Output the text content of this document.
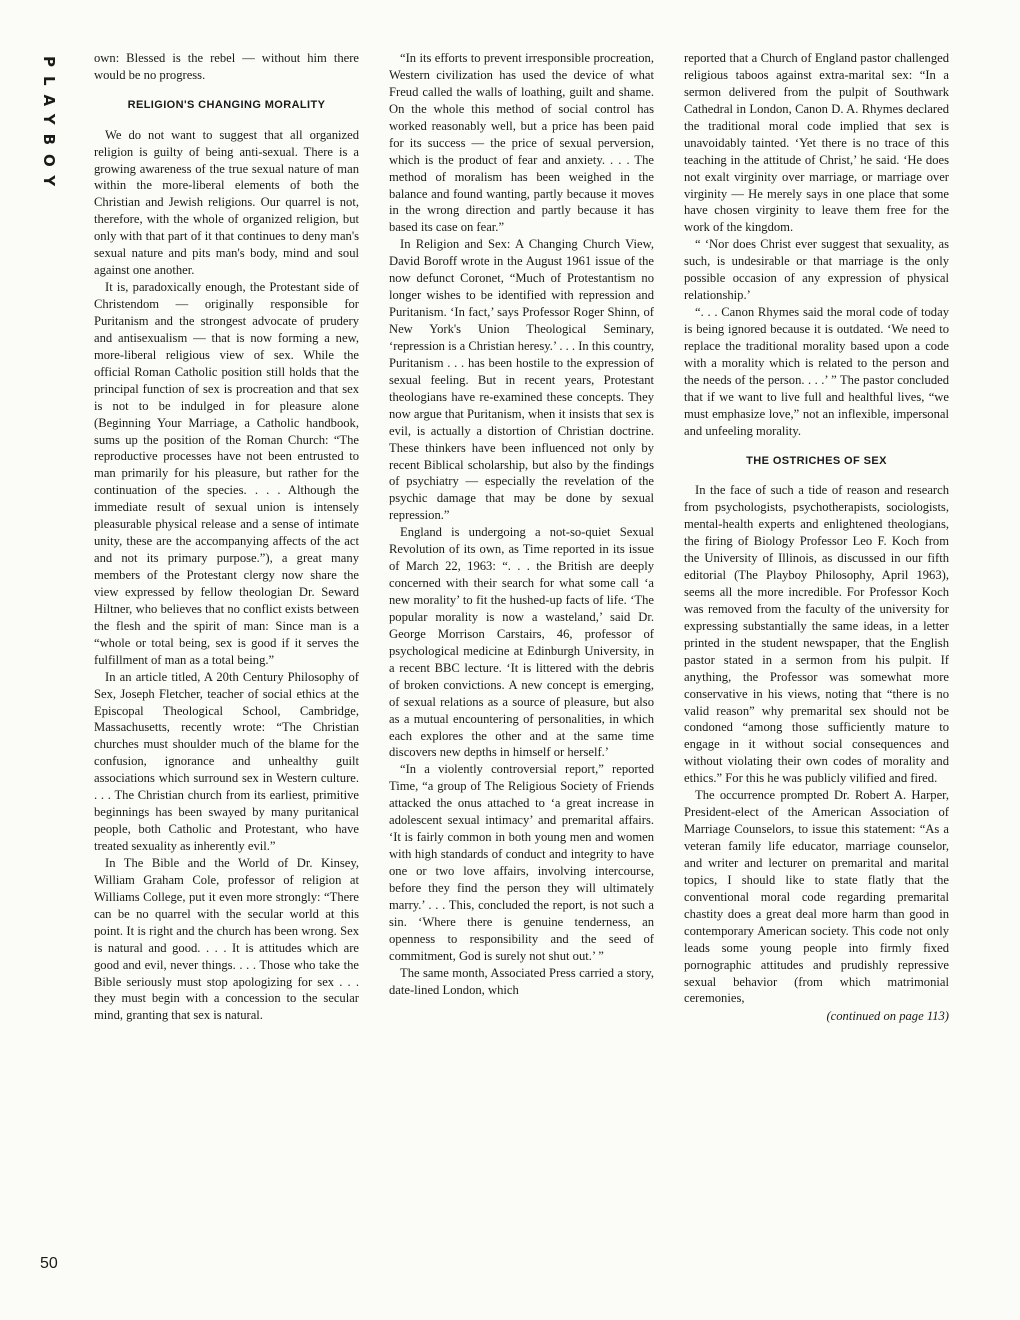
PLAYBOY
50

own: Blessed is the rebel — without him there would be no progress.

RELIGION'S CHANGING MORALITY

We do not want to suggest that all organized religion is guilty of being anti-sexual. There is a growing awareness of the true sexual nature of man within the more-liberal elements of both the Christian and Jewish religions. Our quarrel is not, therefore, with the whole of organized religion, but only with that part of it that continues to deny man's sexual nature and pits man's body, mind and soul against one another.

It is, paradoxically enough, the Protestant side of Christendom — originally responsible for Puritanism and the strongest advocate of prudery and antisexualism — that is now forming a new, more-liberal religious view of sex. While the official Roman Catholic position still holds that the principal function of sex is procreation and that sex is not to be indulged in for pleasure alone (Beginning Your Marriage, a Catholic handbook, sums up the position of the Roman Church: “The reproductive processes have not been entrusted to man primarily for his pleasure, but rather for the continuation of the species. . . . Although the immediate result of sexual union is intensely pleasurable physical release and a sense of intimate unity, these are the accompanying affects of the act and not its primary purpose.”), a great many members of the Protestant clergy now share the view expressed by fellow theologian Dr. Seward Hiltner, who believes that no conflict exists between the flesh and the spirit of man: Since man is a “whole or total being, sex is good if it serves the fulfillment of man as a total being.”

In an article titled, A 20th Century Philosophy of Sex, Joseph Fletcher, teacher of social ethics at the Episcopal Theological School, Cambridge, Massachusetts, recently wrote: “The Christian churches must shoulder much of the blame for the confusion, ignorance and unhealthy guilt associations which surround sex in Western culture. . . . The Christian church from its earliest, primitive beginnings has been swayed by many puritanical people, both Catholic and Protestant, who have treated sexuality as inherently evil.”

In The Bible and the World of Dr. Kinsey, William Graham Cole, professor of religion at Williams College, put it even more strongly: “There can be no quarrel with the secular world at this point. It is right and the church has been wrong. Sex is natural and good. . . . It is attitudes which are good and evil, never things. . . . Those who take the Bible seriously must stop apologizing for sex . . . they must begin with a concession to the secular mind, granting that sex is natural.

“In its efforts to prevent irresponsible procreation, Western civilization has used the device of what Freud called the walls of loathing, guilt and shame. On the whole this method of social control has worked reasonably well, but a price has been paid for its success — the price of sexual perversion, which is the product of fear and anxiety. . . . The method of moralism has been weighed in the balance and found wanting, partly because it moves in the wrong direction and partly because it has based its case on fear.”

In Religion and Sex: A Changing Church View, David Boroff wrote in the August 1961 issue of the now defunct Coronet, “Much of Protestantism no longer wishes to be identified with repression and Puritanism. ‘In fact,’ says Professor Roger Shinn, of New York's Union Theological Seminary, ‘repression is a Christian heresy.’ . . . In this country, Puritanism . . . has been hostile to the expression of sexual feeling. But in recent years, Protestant theologians have re-examined these concepts. They now argue that Puritanism, when it insists that sex is evil, is actually a distortion of Christian doctrine. These thinkers have been influenced not only by recent Biblical scholarship, but also by the findings of psychiatry — especially the revelation of the psychic damage that may be done by sexual repression.”

England is undergoing a not-so-quiet Sexual Revolution of its own, as Time reported in its issue of March 22, 1963: “. . . the British are deeply concerned with their search for what some call ‘a new morality’ to fit the hushed-up facts of life. ‘The popular morality is now a wasteland,’ said Dr. George Morrison Carstairs, 46, professor of psychological medicine at Edinburgh University, in a recent BBC lecture. ‘It is littered with the debris of broken convictions. A new concept is emerging, of sexual relations as a source of pleasure, but also as a mutual encountering of personalities, in which each explores the other and at the same time discovers new depths in himself or herself.’

“In a violently controversial report,” reported Time, “a group of The Religious Society of Friends attacked the onus attached to ‘a great increase in adolescent sexual intimacy’ and premarital affairs. ‘It is fairly common in both young men and women with high standards of conduct and integrity to have one or two love affairs, involving intercourse, before they find the person they will ultimately marry.’ . . . This, concluded the report, is not such a sin. ‘Where there is genuine tenderness, an openness to responsibility and the seed of commitment, God is surely not shut out.’ ”

The same month, Associated Press carried a story, date-lined London, which

reported that a Church of England pastor challenged religious taboos against extra-marital sex: “In a sermon delivered from the pulpit of Southwark Cathedral in London, Canon D. A. Rhymes declared the traditional moral code implied that sex is unavoidably tainted. ‘Yet there is no trace of this teaching in the attitude of Christ,’ he said. ‘He does not exalt virginity over marriage, or marriage over virginity — He merely says in one place that some have chosen virginity to leave them free for the work of the kingdom.

“ ‘Nor does Christ ever suggest that sexuality, as such, is undesirable or that marriage is the only possible occasion of any expression of physical relationship.’

“. . . Canon Rhymes said the moral code of today is being ignored because it is outdated. ‘We need to replace the traditional morality based upon a code with a morality which is related to the person and the needs of the person. . . .’ ” The pastor concluded that if we want to live full and healthful lives, “we must emphasize love,” not an inflexible, impersonal and unfeeling morality.

THE OSTRICHES OF SEX

In the face of such a tide of reason and research from psychologists, psychotherapists, sociologists, mental-health experts and enlightened theologians, the firing of Biology Professor Leo F. Koch from the University of Illinois, as discussed in our fifth editorial (The Playboy Philosophy, April 1963), seems all the more incredible. For Professor Koch was removed from the faculty of the university for expressing substantially the same ideas, in a letter printed in the student newspaper, that the English pastor stated in a sermon from his pulpit. If anything, the Professor was somewhat more conservative in his views, noting that “there is no valid reason” why premarital sex should not be condoned “among those sufficiently mature to engage in it without social consequences and without violating their own codes of morality and ethics.” For this he was publicly vilified and fired.

The occurrence prompted Dr. Robert A. Harper, President-elect of the American Association of Marriage Counselors, to issue this statement: “As a veteran family life educator, marriage counselor, and writer and lecturer on premarital and marital topics, I should like to state flatly that the conventional moral code regarding premarital chastity does a great deal more harm than good in contemporary American society. This code not only leads some young people into firmly fixed pornographic attitudes and prudishly repressive sexual behavior (from which matrimonial ceremonies,

(continued on page 113)
